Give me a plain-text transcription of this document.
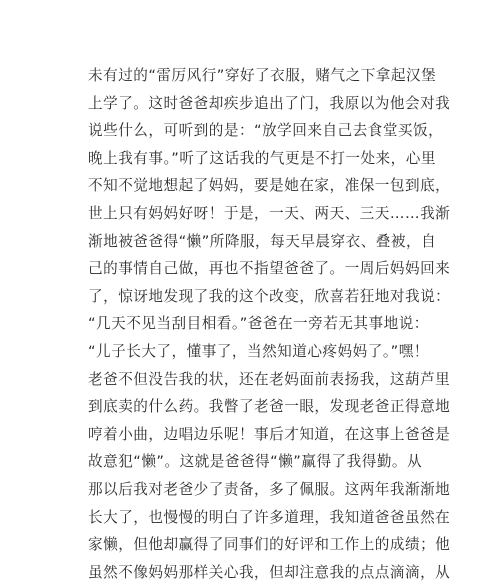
未有过的“雷厉风行”穿好了衣服，赌气之下拿起汉堡
上学了。这时爸爸却疾步追出了门，我原以为他会对我
说些什么，可听到的是：“放学回来自己去食堂买饭，
晚上我有事。”听了这话我的气更是不打一处来，心里
不知不觉地想起了妈妈，要是她在家，准保一包到底，
世上只有妈妈好呀！于是，一天、两天、三天……我渐
渐地被爸爸得“懒”所降服，每天早晨穿衣、叠被，自
己的事情自己做，再也不指望爸爸了。一周后妈妈回来
了，惊讶地发现了我的这个改变，欣喜若狂地对我说：
“几天不见当刮目相看。”爸爸在一旁若无其事地说：
“儿子长大了，懂事了，当然知道心疼妈妈了。”嘿！
老爸不但没告我的状，还在老妈面前表扬我，这葫芦里
到底卖的什么药。我瞥了老爸一眼，发现老爸正得意地
哼着小曲，边唱边乐呢！事后才知道，在这事上爸爸是
故意犯“懒”。这就是爸爸得“懒”赢得了我得勤。从
那以后我对老爸少了责备，多了佩服。这两年我渐渐地
长大了，也慢慢的明白了许多道理，我知道爸爸虽然在
家懒，但他却赢得了同事们的好评和工作上的成绩；他
虽然不像妈妈那样关心我，但却注意我的点点滴滴，从
